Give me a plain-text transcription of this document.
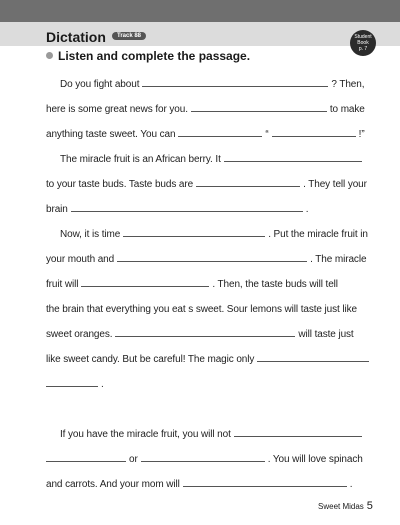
Dictation	Track 88	Student
Book
p. 7
Listen and complete the passage.
Do you fight about	? Then,
here is some great news for you.	to make
anything taste sweet. You can	“	!”
The miracle fruit is an African berry. It
to your taste buds. Taste buds are	. They tell your
brain	.
Now, it is time	. Put the miracle fruit in
your mouth and	. The miracle
fruit will	. Then, the taste buds will tell
the brain that everything you eat s sweet. Sour lemons will taste just like
sweet oranges.	will taste just
like sweet candy. But be careful! The magic only
.
If you have the miracle fruit, you will not
or	. You will love spinach
and carrots. And your mom will	.
Sweet Midas 5
